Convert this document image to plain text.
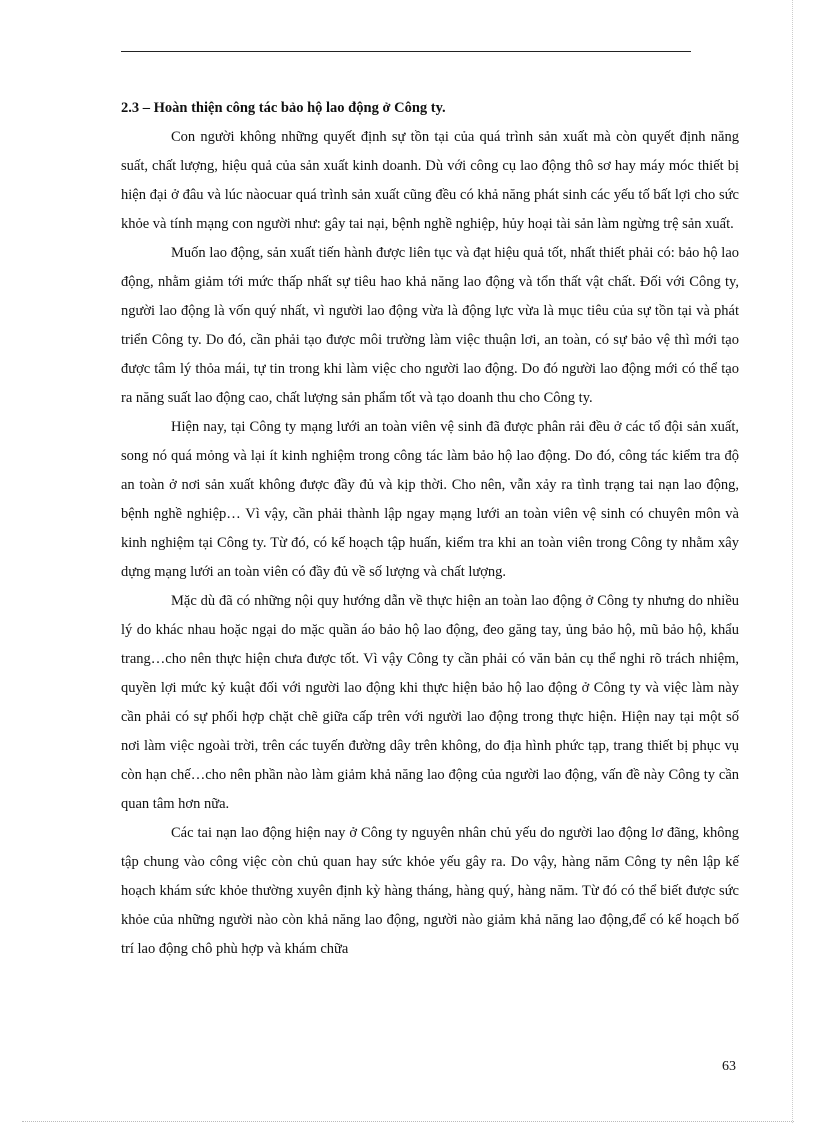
2.3 – Hoàn thiện công tác bảo hộ lao động ở Công ty.

Con người không những quyết định sự tồn tại của quá trình sản xuất mà còn quyết định năng suất, chất lượng, hiệu quả của sản xuất kinh doanh. Dù với công cụ lao động thô sơ hay máy móc thiết bị hiện đại ở đâu và lúc nàocuar quá trình sản xuất cũng đều có khả năng phát sinh các yếu tố bất lợi cho sức khỏe và tính mạng con người như: gây tai nại, bệnh nghề nghiệp, hủy hoại tài sản làm ngừng trệ sản xuất.

Muốn lao động, sản xuất tiến hành được liên tục và đạt hiệu quả tốt, nhất thiết phải có: bảo hộ lao động, nhằm giảm tới mức thấp nhất sự tiêu hao khả năng lao động và tổn thất vật chất. Đối với Công ty, người lao động là vốn quý nhất, vì người lao động vừa là động lực vừa là mục tiêu của sự tồn tại và phát triển Công ty. Do đó, cần phải tạo được môi trường làm việc thuận lơi, an toàn, có sự bảo vệ thì mới tạo được tâm lý thỏa mái, tự tin trong khi làm việc cho người lao động. Do đó người lao động mới có thể tạo ra năng suất lao động cao, chất lượng sản phẩm tốt và tạo doanh thu cho Công ty.

Hiện nay, tại Công ty mạng lưới an toàn viên vệ sinh đã được phân rải đều ở các tổ đội sản xuất, song nó quá mỏng và lại ít kinh nghiệm trong công tác làm bảo hộ lao động. Do đó, công tác kiểm tra độ an toàn ở nơi sản xuất không được đầy đủ và kịp thời. Cho nên, vẫn xảy ra tình trạng tai nạn lao động, bệnh nghề nghiệp… Vì vậy, cần phải thành lập ngay mạng lưới an toàn viên vệ sinh có chuyên môn và kinh nghiệm tại Công ty. Từ đó, có kế hoạch tập huấn, kiểm tra khi an toàn viên trong Công ty nhằm xây dựng mạng lưới an toàn viên có đầy đủ về số lượng và chất lượng.

Mặc dù đã có những nội quy hướng dẫn về thực hiện an toàn lao động ở Công ty nhưng do nhiều lý do khác nhau hoặc ngại do mặc quần áo bảo hộ lao động, đeo găng tay, ủng bảo hộ, mũ bảo hộ, khẩu trang…cho nên thực hiện chưa được tốt. Vì vậy Công ty cần phải có văn bản cụ thể nghi rõ trách nhiệm, quyền lợi mức kỷ kuật đối với người lao động khi thực hiện bảo hộ lao động ở Công ty và việc làm này cần phải có sự phối hợp chặt chẽ giữa cấp trên với người lao động trong thực hiện. Hiện nay tại một số nơi làm việc ngoài trời, trên các tuyến đường dây trên không, do địa hình phức tạp, trang thiết bị phục vụ còn hạn chế…cho nên phần nào làm giảm khả năng lao động của người lao động, vấn đề này Công ty cần quan tâm hơn nữa.

Các tai nạn lao động hiện nay ở Công ty nguyên nhân chủ yếu do người lao động lơ đãng, không tập chung vào công việc còn chủ quan hay sức khỏe yếu gây ra. Do vậy, hàng năm Công ty nên lập kế hoạch khám sức khỏe thường xuyên định kỳ hàng tháng, hàng quý, hàng năm. Từ đó có thể biết được sức khỏe của những người nào còn khả năng lao động, người nào giảm khả năng lao động,để có kế hoạch bố trí lao động chô phù hợp và khám chữa

63
